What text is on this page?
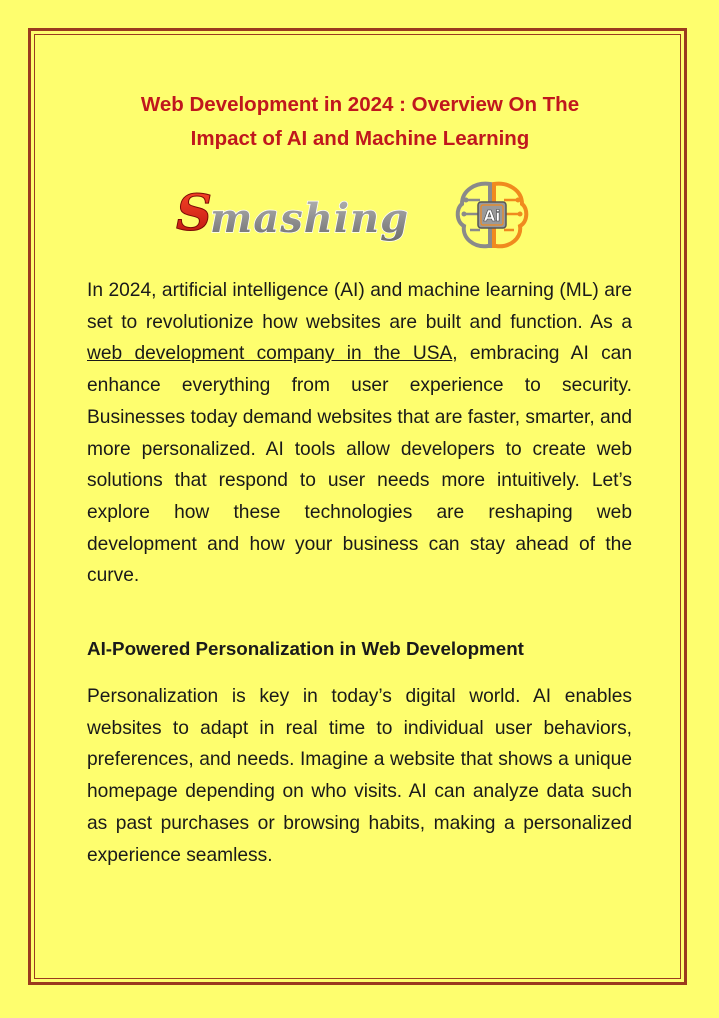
Web Development in 2024 : Overview On The
Impact of AI and Machine Learning
S
mashing	Ai
In 2024, artificial intelligence (AI) and machine learning (ML) are set to revolutionize how websites are built and function. As a web development company in the USA, embracing AI can enhance everything from user experience to security. Businesses today demand websites that are faster, smarter, and more personalized. AI tools allow developers to create web solutions that respond to user needs more intuitively. Let’s explore how these technologies are reshaping web development and how your business can stay ahead of the curve.
AI-Powered Personalization in Web Development
Personalization is key in today’s digital world. AI enables websites to adapt in real time to individual user behaviors, preferences, and needs. Imagine a website that shows a unique homepage depending on who visits. AI can analyze data such as past purchases or browsing habits, making a personalized experience seamless.
